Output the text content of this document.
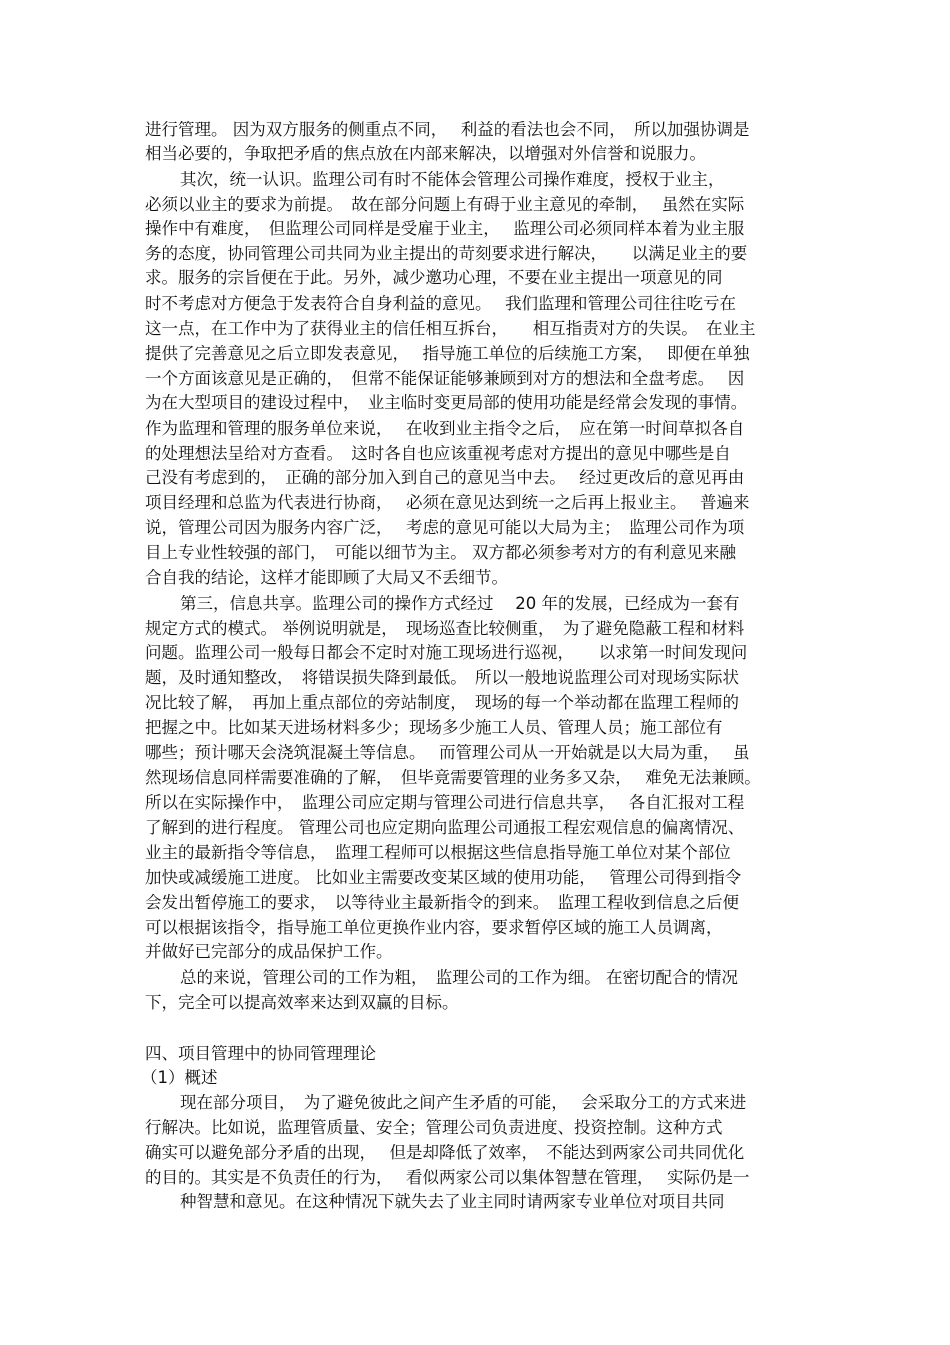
进行管理。 因为双方服务的侧重点不同，　 利益的看法也会不同，　所以加强协调是

相当必要的，争取把矛盾的焦点放在内部来解决，以增强对外信誉和说服力。

其次，统一认识。监理公司有时不能体会管理公司操作难度，授权于业主，

必须以业主的要求为前提。　故在部分问题上有碍于业主意见的牵制，　 虽然在实际

操作中有难度，　但监理公司同样是受雇于业主，　 监理公司必须同样本着为业主服

务的态度，协同管理公司共同为业主提出的苛刻要求进行解决，　　以满足业主的要

求。服务的宗旨便在于此。另外，减少邀功心理，不要在业主提出一项意见的同

时不考虑对方便急于发表符合自身利益的意见。　 我们监理和管理公司往往吃亏在

这一点，在工作中为了获得业主的信任相互拆台，　　相互指责对方的失误。　在业主

提供了完善意见之后立即发表意见，　 指导施工单位的后续施工方案，　 即便在单独

一个方面该意见是正确的，　但常不能保证能够兼顾到对方的想法和全盘考虑。　 因

为在大型项目的建设过程中，　业主临时变更局部的使用功能是经常会发现的事情。

作为监理和管理的服务单位来说，　 在收到业主指令之后，　应在第一时间草拟各自

的处理想法呈给对方查看。　这时各自也应该重视考虑对方提出的意见中哪些是自

己没有考虑到的，　正确的部分加入到自己的意见当中去。　 经过更改后的意见再由

项目经理和总监为代表进行协商，　 必须在意见达到统一之后再上报业主。　 普遍来

说，管理公司因为服务内容广泛，　 考虑的意见可能以大局为主；　监理公司作为项

目上专业性较强的部门，　可能以细节为主。 双方都必须参考对方的有利意见来融

合自我的结论，这样才能即顾了大局又不丢细节。

第三，信息共享。监理公司的操作方式经过　 20 年的发展，已经成为一套有

规定方式的模式。 举例说明就是，　现场巡查比较侧重，　为了避免隐蔽工程和材料

问题。监理公司一般每日都会不定时对施工现场进行巡视，　　以求第一时间发现问

题，及时通知整改，　将错误损失降到最低。　所以一般地说监理公司对现场实际状

况比较了解，　再加上重点部位的旁站制度，　现场的每一个举动都在监理工程师的

把握之中。比如某天进场材料多少；现场多少施工人员、管理人员；施工部位有

哪些；预计哪天会浇筑混凝土等信息。　 而管理公司从一开始就是以大局为重，　 虽

然现场信息同样需要准确的了解，　但毕竟需要管理的业务多又杂，　 难免无法兼顾。

所以在实际操作中，　监理公司应定期与管理公司进行信息共享，　 各自汇报对工程

了解到的进行程度。 管理公司也应定期向监理公司通报工程宏观信息的偏离情况、

业主的最新指令等信息，　监理工程师可以根据这些信息指导施工单位对某个部位

加快或减缓施工进度。 比如业主需要改变某区域的使用功能，　 管理公司得到指令

会发出暂停施工的要求，　以等待业主最新指令的到来。　监理工程收到信息之后便

可以根据该指令，指导施工单位更换作业内容，要求暂停区域的施工人员调离，

并做好已完部分的成品保护工作。

总的来说，管理公司的工作为粗，　监理公司的工作为细。 在密切配合的情况

下，完全可以提高效率来达到双赢的目标。

四、项目管理中的协同管理理论

（1）概述

现在部分项目，　为了避免彼此之间产生矛盾的可能，　 会采取分工的方式来进

行解决。比如说，监理管质量、安全；管理公司负责进度、投资控制。这种方式

确实可以避免部分矛盾的出现，　 但是却降低了效率，　不能达到两家公司共同优化

的目的。其实是不负责任的行为，　 看似两家公司以集体智慧在管理，　 实际仍是一

种智慧和意见。在这种情况下就失去了业主同时请两家专业单位对项目共同
